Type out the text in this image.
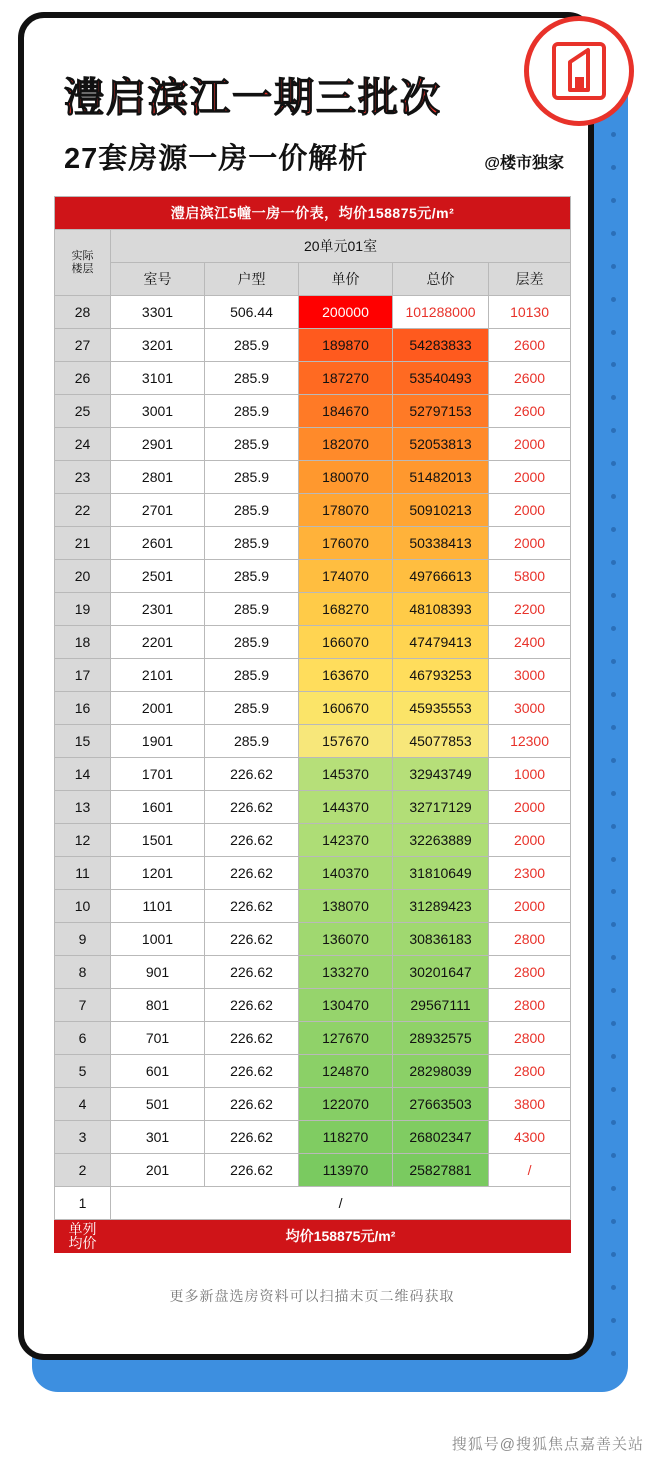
澧启滨江一期三批次
27套房源一房一价解析	@楼市独家
澧启滨江5幢一房一价表，均价158875元/m²					
实际
楼层	20单元01室				
	室号	户型	单价	总价	层差
28	3301	506.44	200000	101288000	10130
27	3201	285.9	189870	54283833	2600
26	3101	285.9	187270	53540493	2600
25	3001	285.9	184670	52797153	2600
24	2901	285.9	182070	52053813	2000
23	2801	285.9	180070	51482013	2000
22	2701	285.9	178070	50910213	2000
21	2601	285.9	176070	50338413	2000
20	2501	285.9	174070	49766613	5800
19	2301	285.9	168270	48108393	2200
18	2201	285.9	166070	47479413	2400
17	2101	285.9	163670	46793253	3000
16	2001	285.9	160670	45935553	3000
15	1901	285.9	157670	45077853	12300
14	1701	226.62	145370	32943749	1000
13	1601	226.62	144370	32717129	2000
12	1501	226.62	142370	32263889	2000
11	1201	226.62	140370	31810649	2300
10	1101	226.62	138070	31289423	2000
9	1001	226.62	136070	30836183	2800
8	901	226.62	133270	30201647	2800
7	801	226.62	130470	29567111	2800
6	701	226.62	127670	28932575	2800
5	601	226.62	124870	28298039	2800
4	501	226.62	122070	27663503	3800
3	301	226.62	118270	26802347	4300
2	201	226.62	113970	25827881	/
1	/				
单列
均价	均价158875元/m²				
更多新盘选房资料可以扫描末页二维码获取
搜狐号@搜狐焦点嘉善关站
